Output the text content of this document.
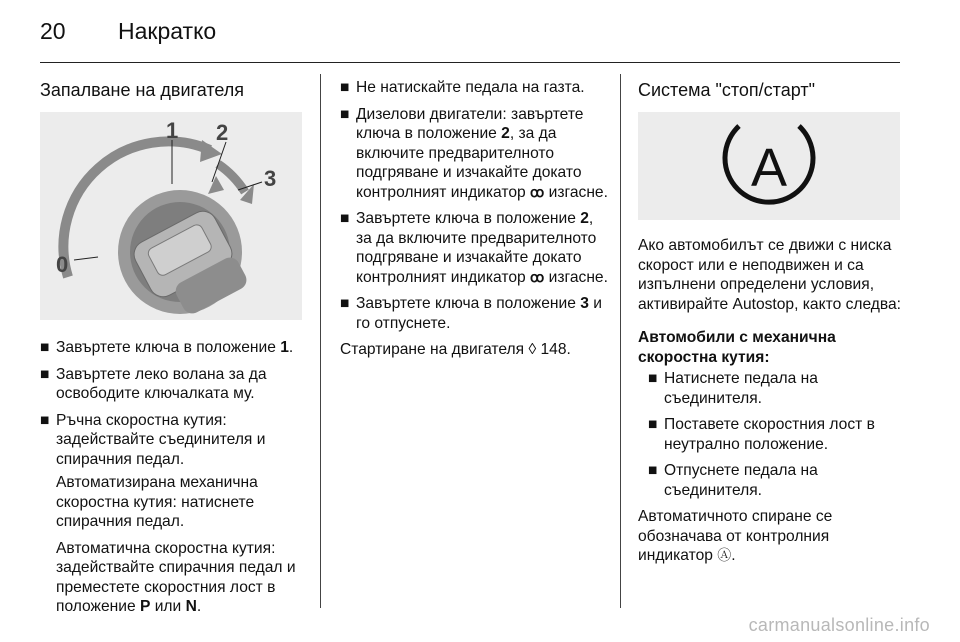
20 Накратко
Запалване на двигателя
1 2
3
0
■ Завъртете ключа в положение 1.
■ Завъртете леко волана за да освободите ключалката му.
■ Ръчна скоростна кутия: задействайте съединителя и спирачния педал.

Автоматизирана механична скоростна кутия: натиснете спирачния педал.

Автоматична скоростна кутия: задействайте спирачния педал и преместете скоростния лост в положение P или N.

■ Не натискайте педала на газта.
■ Дизелови двигатели: завъртете ключа в положение 2, за да включите предварителното подгряване и изчакайте докато контролният индикатор ꝏ изгасне.
■ Завъртете ключа в положение 2, за да включите предварителното подгряване и изчакайте докато контролният индикатор ꝏ изгасне.
■ Завъртете ключа в положение 3 и го отпуснете.
Стартиране на двигателя ◊ 148.
Система "стоп/старт"
A
Ако автомобилът се движи с ниска скорост или е неподвижен и са изпълнени определени условия, активирайте Autostop, както следва:
Автомобили с механична скоростна кутия:
■ Натиснете педала на съединителя.
■ Поставете скоростния лост в неутрално положение.
■ Отпуснете педала на съединителя.
Автоматичното спиране се обозначава от контролния индикатор Ⓐ.
carmanualsonline.info
